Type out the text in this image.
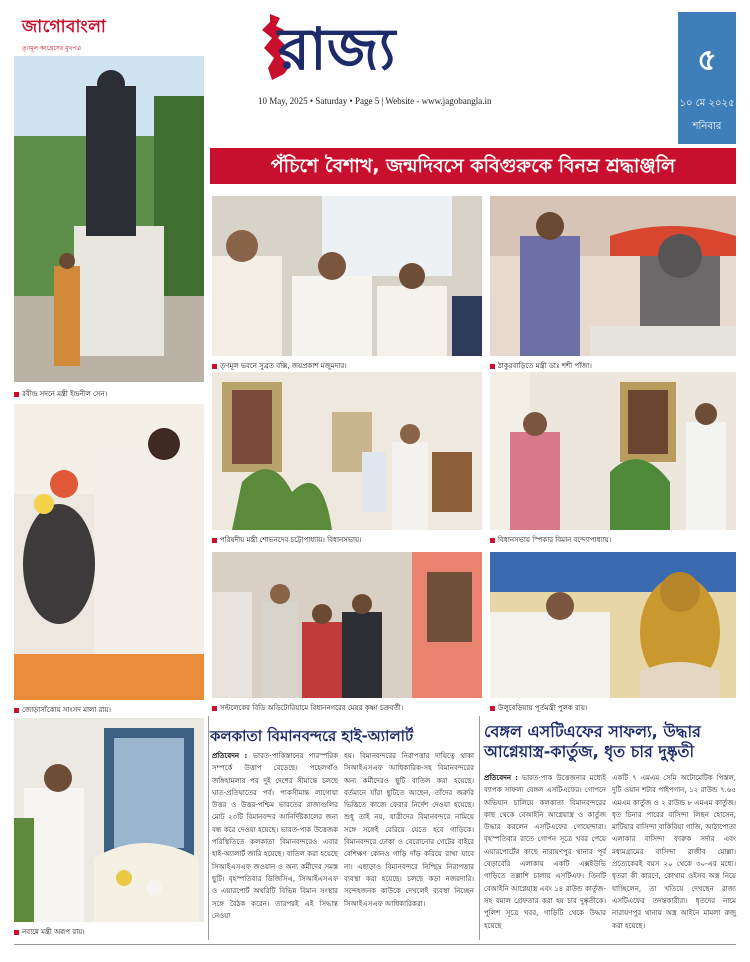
জাগোবাংলা
তৃণমূল কংগ্রেসের মুখপত্র	রাজ্য
10 May, 2025 • Saturday • Page 5 | Website - www.jagobangla.in
৫
১০ মে ২০২৫
শনিবার
পঁচিশে বৈশাখ, জন্মদিবসে কবিগুরুকে বিনম্র শ্রদ্ধাঞ্জলি
রবীন্দ্র সদনে মন্ত্রী ইন্দ্রনীল সেন।
তৃণমূল ভবনে সুব্রত বক্সি, জয়প্রকাশ মজুমদার।	ঠাকুরবাড়িতে মন্ত্রী ডাঃ শশী পাঁজা।
জোড়াসাঁকোয় সাংসদ মালা রায়।
পরিষদীয় মন্ত্রী শোভনদেব চট্টোপাধ্যায়। বিধানসভায়।	বিধানসভায় স্পিকার বিমান বন্দ্যোপাধ্যায়।
সল্টলেকের বিডি অডিটোরিয়ামে বিধাননগরের মেয়র কৃষ্ণা চক্রবর্তী।	উলুবেড়িয়ায় পূর্তমন্ত্রী পুলক রায়।
নবান্নে মন্ত্রী অরূপ রায়।
কলকাতা বিমানবন্দরে হাই-অ্যালার্ট
প্রতিবেদন : ভারত-পাকিস্তানের পারস্পরিক সম্পর্কে উত্তাপ বেড়েছে। পহেলগাঁও জঙ্গিহামলার পর দুই দেশের সীমান্তে চলছে ঘাত-প্রতিঘাতের পর্ব। পাকসীমান্ত লাগোয়া উত্তর ও উত্তর-পশ্চিম ভারতের রাজ্যগুলির মোট ২৩টি বিমানবন্দর আনির্দিষ্টকালের জন্য বন্ধ করে দেওয়া হয়েছে। ভারত-পাক উত্তেজক পরিস্থিতিতে কলকাতা বিমানবন্দরেও এবার হাই-অ্যালার্ট জারি হয়েছে। বাতিল করা হয়েছে সিআইএসএফ জওয়ান ও অন্য কর্মীদের সমস্ত ছুটি। বৃহস্পতিবার ডিজিসিএ, সিআইএসএফ ও এয়ারপোর্ট অথরিটি বিভিন্ন বিমান সংস্থার সঙ্গে বৈঠক করেন। তারপরই এই সিদ্ধান্ত নেওয়া
হয়। বিমানবন্দরের নিরাপত্তার দায়িত্বে থাকা সিআইএসএফ আধিকারিক-সহ বিমানবন্দরের অন্য কর্মীদেরও ছুটি বাতিল করা হয়েছে। বর্তমানে যাঁরা ছুটিতে আছেন, তাঁদের জরুরি ভিত্তিতে কাজে ফেরার নির্দেশ দেওয়া হয়েছে। শুধু তাই নয়, যাত্রীদের বিমানবন্দরে নামিয়ে সঙ্গে সঙ্গেই বেরিয়ে যেতে হবে গাড়িকে। বিমানবন্দরে ঢোকা ও বেরোনোর গেটের বাইরে বেশিক্ষণ কোনও গাড়ি দাঁড় করিয়ে রাখা যাবে না। এছাড়াও বিমানবন্দরে নিশ্ছিদ্র নিরাপত্তার ব্যবস্থা করা হয়েছে। চলছে কড়া নজরদারি। সন্দেহজনক কাউকে দেখলেই ব্যবস্থা নিচ্ছেন সিআইএসএফ আধিকারিকরা।
বেঙ্গল এসটিএফের সাফল্য, উদ্ধার আগ্নেয়াস্ত্র-কার্তুজ, ধৃত চার দুষ্কৃতী
প্রতিবেদন : ভারত-পাক উত্তেজনার মধ্যেই ব্যাপক সাফল্য বেঙ্গল এসটিএফের। গোপনে অভিযান চালিয়ে কলকাতা বিমানবন্দরের কাছ থেকে বেআইনি আগ্নেয়াস্ত্র ও কার্তুজ উদ্ধার করলেন এসটিএফের গোয়েন্দারা। বৃহস্পতিবার রাতে গোপন সূত্রে খবর পেয়ে এয়ারপোর্টের কাছে নারায়ণপুর থানার পূর্ব বেড়াবেরি এলাকায় একটি এক্সইউভি গাড়িতে তল্লাশি চালায় এসটিএফ। তিনটি বেআইনি আগ্নেয়াস্ত্র এবং ১৪ রাউন্ড কার্তুজ-সহ বমাল গ্রেফতার করা হয় চার দুষ্কৃতীকে। পুলিশ সূত্রে খবর, গাড়িটি থেকে উদ্ধার হয়েছে
একটি ৭ এমএম সেমি অটোমেটিক পিস্তল, দুটি ওয়ান শটার পাইপগান, ১২ রাউন্ড ৭.৬৫ এমএম কার্তুজ ও ২ রাউন্ড ৮ এমএম কার্তুজ। ধৃত চিনার পারের বাসিন্দা লিছন হোসেন, মাটিয়ার বাসিন্দা বাকিবিয়া গাজি, আঠাপোতা এলাকার বাসিন্দা ফারুক সর্দার এবং মধ্যমগ্রামের বাসিন্দা রাজীব মোল্লা। প্রত্যেকেরই বয়স ২০ থেকে ৩০-এর মধ্যে। ধৃতরা কী কারণে, কোথায় ওইসব অস্ত্র নিয়ে যাচ্ছিলেন, তা খতিয়ে দেখছেন রাজ্য এসটিএফের তদন্তকারীরা। ধৃতদের নামে নারায়ণপুর থানায় অস্ত্র আইনে মামলা রুজু করা হয়েছে।
